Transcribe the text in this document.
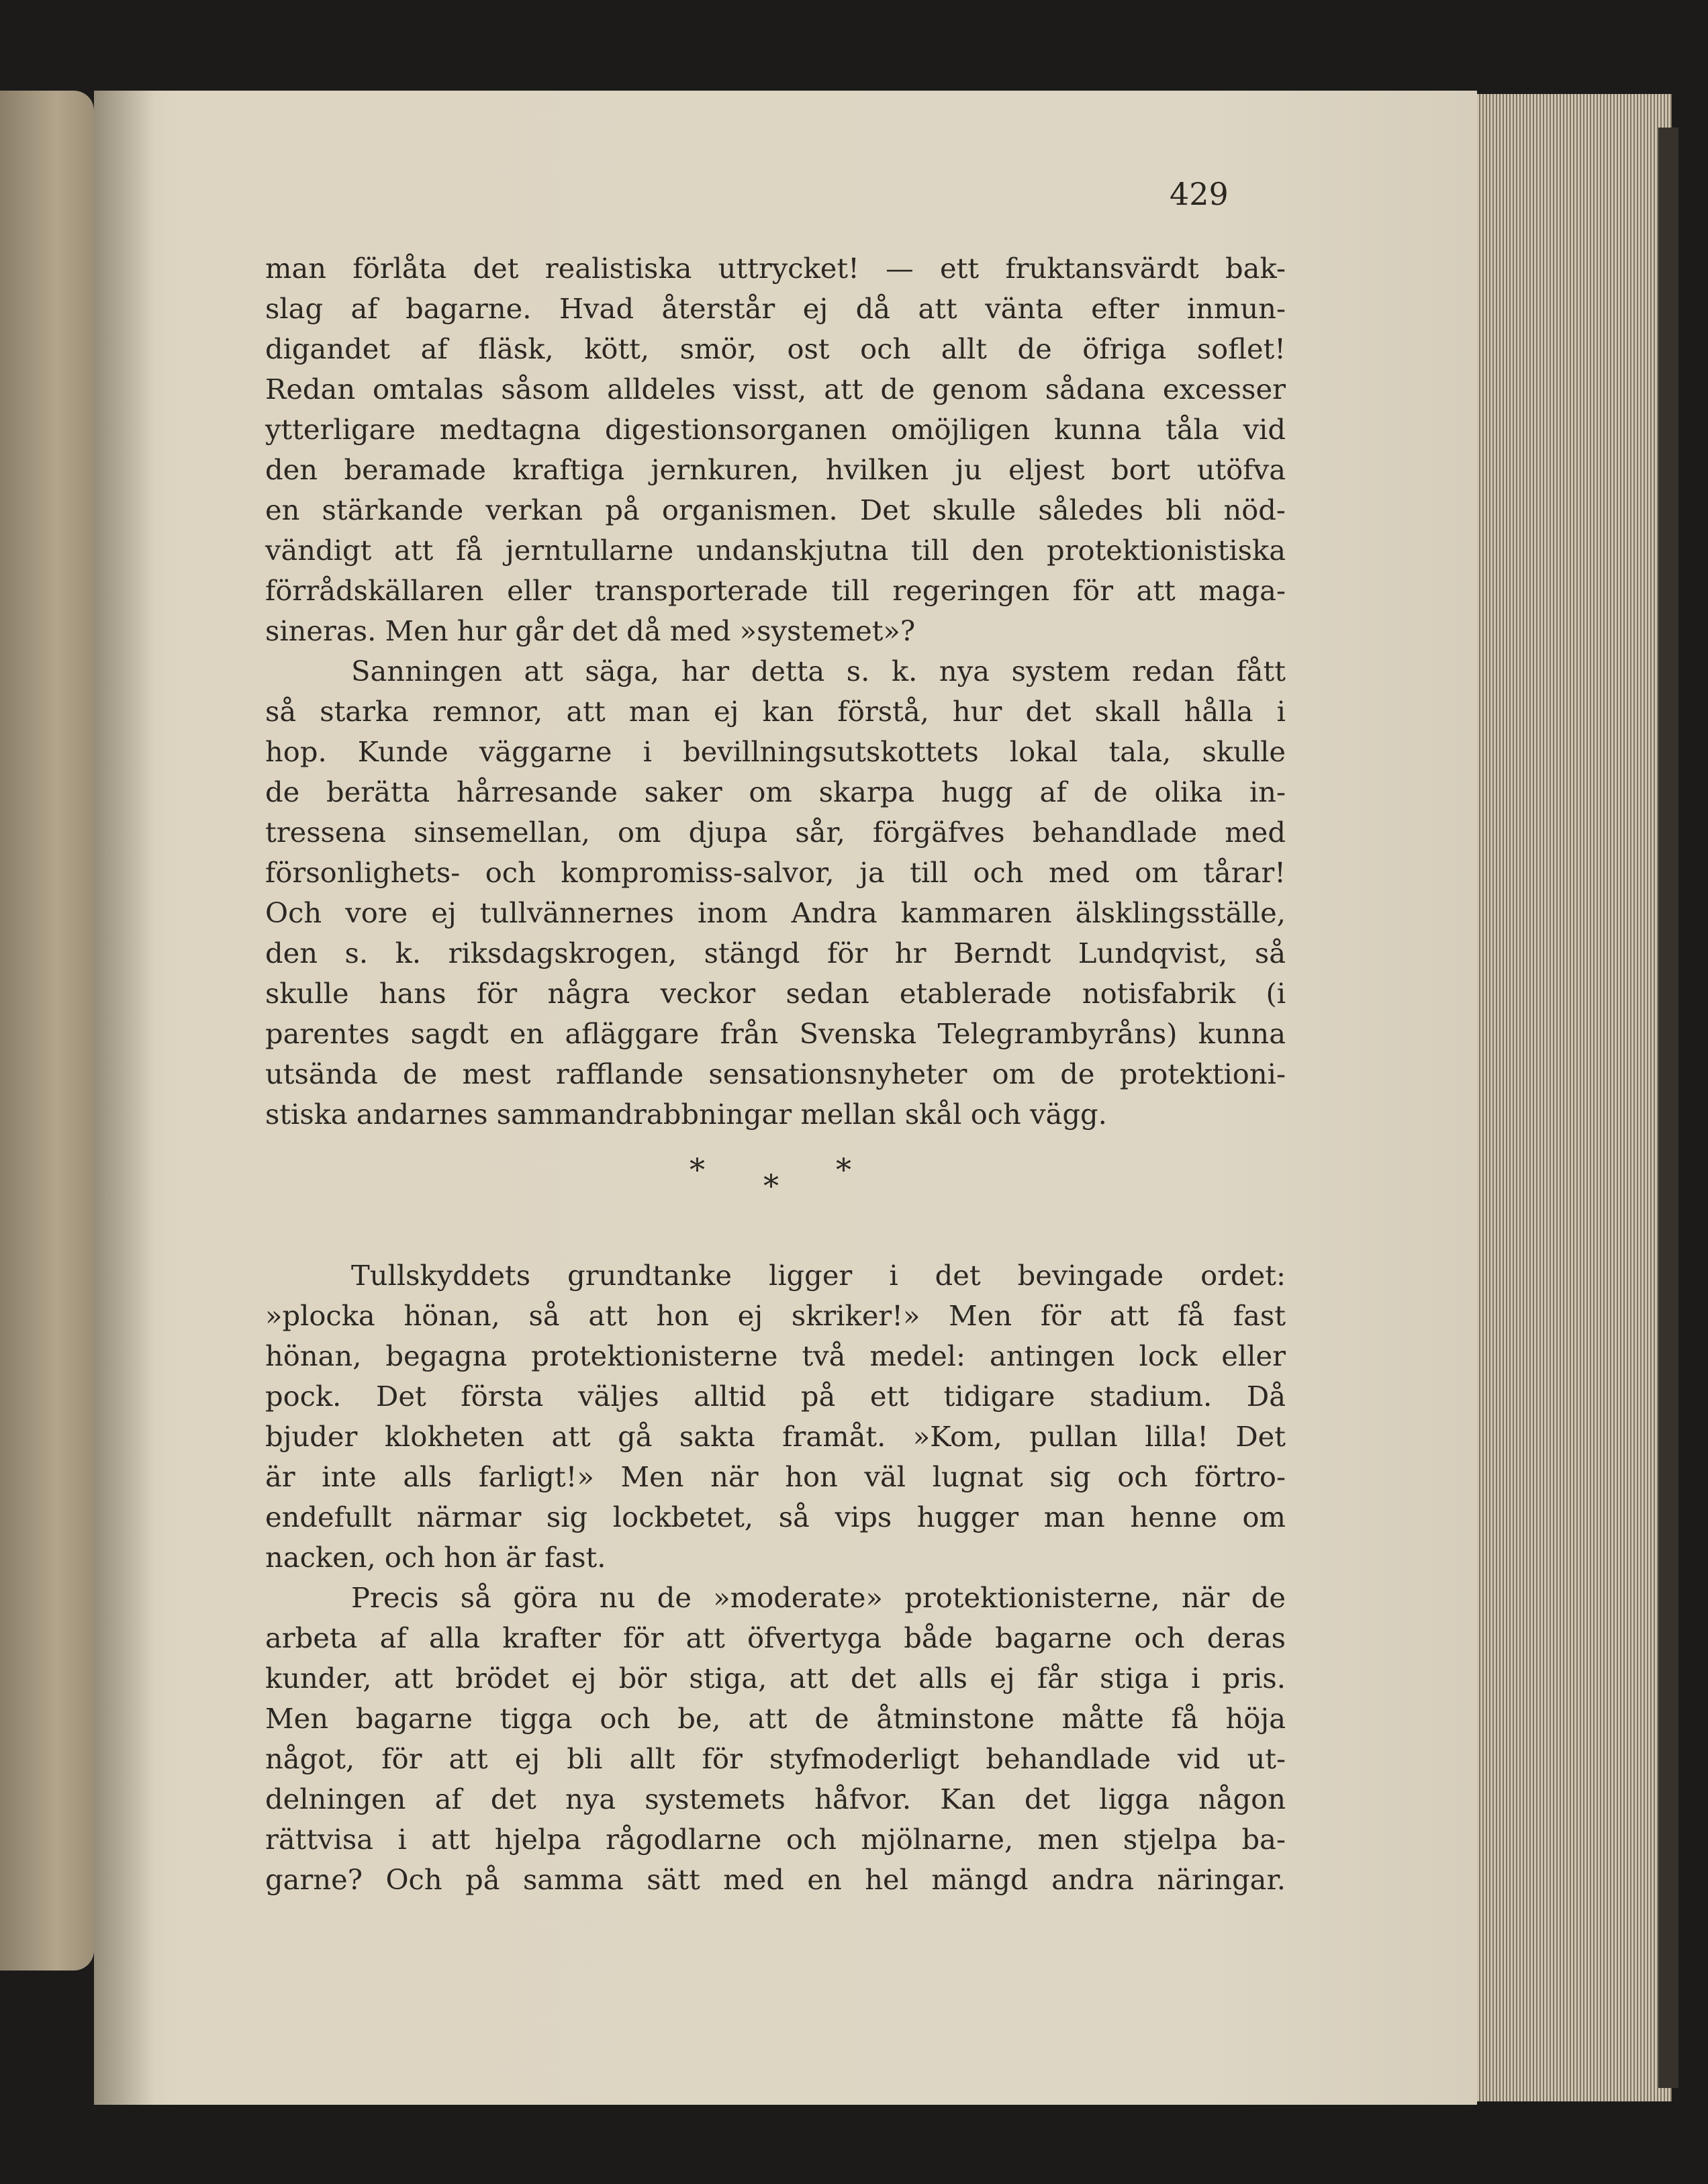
429
man förlåta det realistiska uttrycket! — ett fruktansvärdt bak-
slag af bagarne. Hvad återstår ej då att vänta efter inmun-
digandet af fläsk, kött, smör, ost och allt de öfriga soflet!
Redan omtalas såsom alldeles visst, att de genom sådana excesser
ytterligare medtagna digestionsorganen omöjligen kunna tåla vid
den beramade kraftiga jernkuren, hvilken ju eljest bort utöfva
en stärkande verkan på organismen. Det skulle således bli nöd-
vändigt att få jerntullarne undanskjutna till den protektionistiska
förrådskällaren eller transporterade till regeringen för att maga-
sineras. Men hur går det då med »systemet»?
Sanningen att säga, har detta s. k. nya system redan fått
så starka remnor, att man ej kan förstå, hur det skall hålla i
hop. Kunde väggarne i bevillningsutskottets lokal tala, skulle
de berätta hårresande saker om skarpa hugg af de olika in-
tressena sinsemellan, om djupa sår, förgäfves behandlade med
försonlighets- och kompromiss-salvor, ja till och med om tårar!
Och vore ej tullvännernes inom Andra kammaren älsklingsställe,
den s. k. riksdagskrogen, stängd för hr Berndt Lundqvist, så
skulle hans för några veckor sedan etablerade notisfabrik (i
parentes sagdt en afläggare från Svenska Telegrambyråns) kunna
utsända de mest rafflande sensationsnyheter om de protektioni-
stiska andarnes sammandrabbningar mellan skål och vägg.
* * *
Tullskyddets grundtanke ligger i det bevingade ordet:
»plocka hönan, så att hon ej skriker!» Men för att få fast
hönan, begagna protektionisterne två medel: antingen lock eller
pock. Det första väljes alltid på ett tidigare stadium. Då
bjuder klokheten att gå sakta framåt. »Kom, pullan lilla! Det
är inte alls farligt!» Men när hon väl lugnat sig och förtro-
endefullt närmar sig lockbetet, så vips hugger man henne om
nacken, och hon är fast.
Precis så göra nu de »moderate» protektionisterne, när de
arbeta af alla krafter för att öfvertyga både bagarne och deras
kunder, att brödet ej bör stiga, att det alls ej får stiga i pris.
Men bagarne tigga och be, att de åtminstone måtte få höja
något, för att ej bli allt för styfmoderligt behandlade vid ut-
delningen af det nya systemets håfvor. Kan det ligga någon
rättvisa i att hjelpa rågodlarne och mjölnarne, men stjelpa ba-
garne? Och på samma sätt med en hel mängd andra näringar.
